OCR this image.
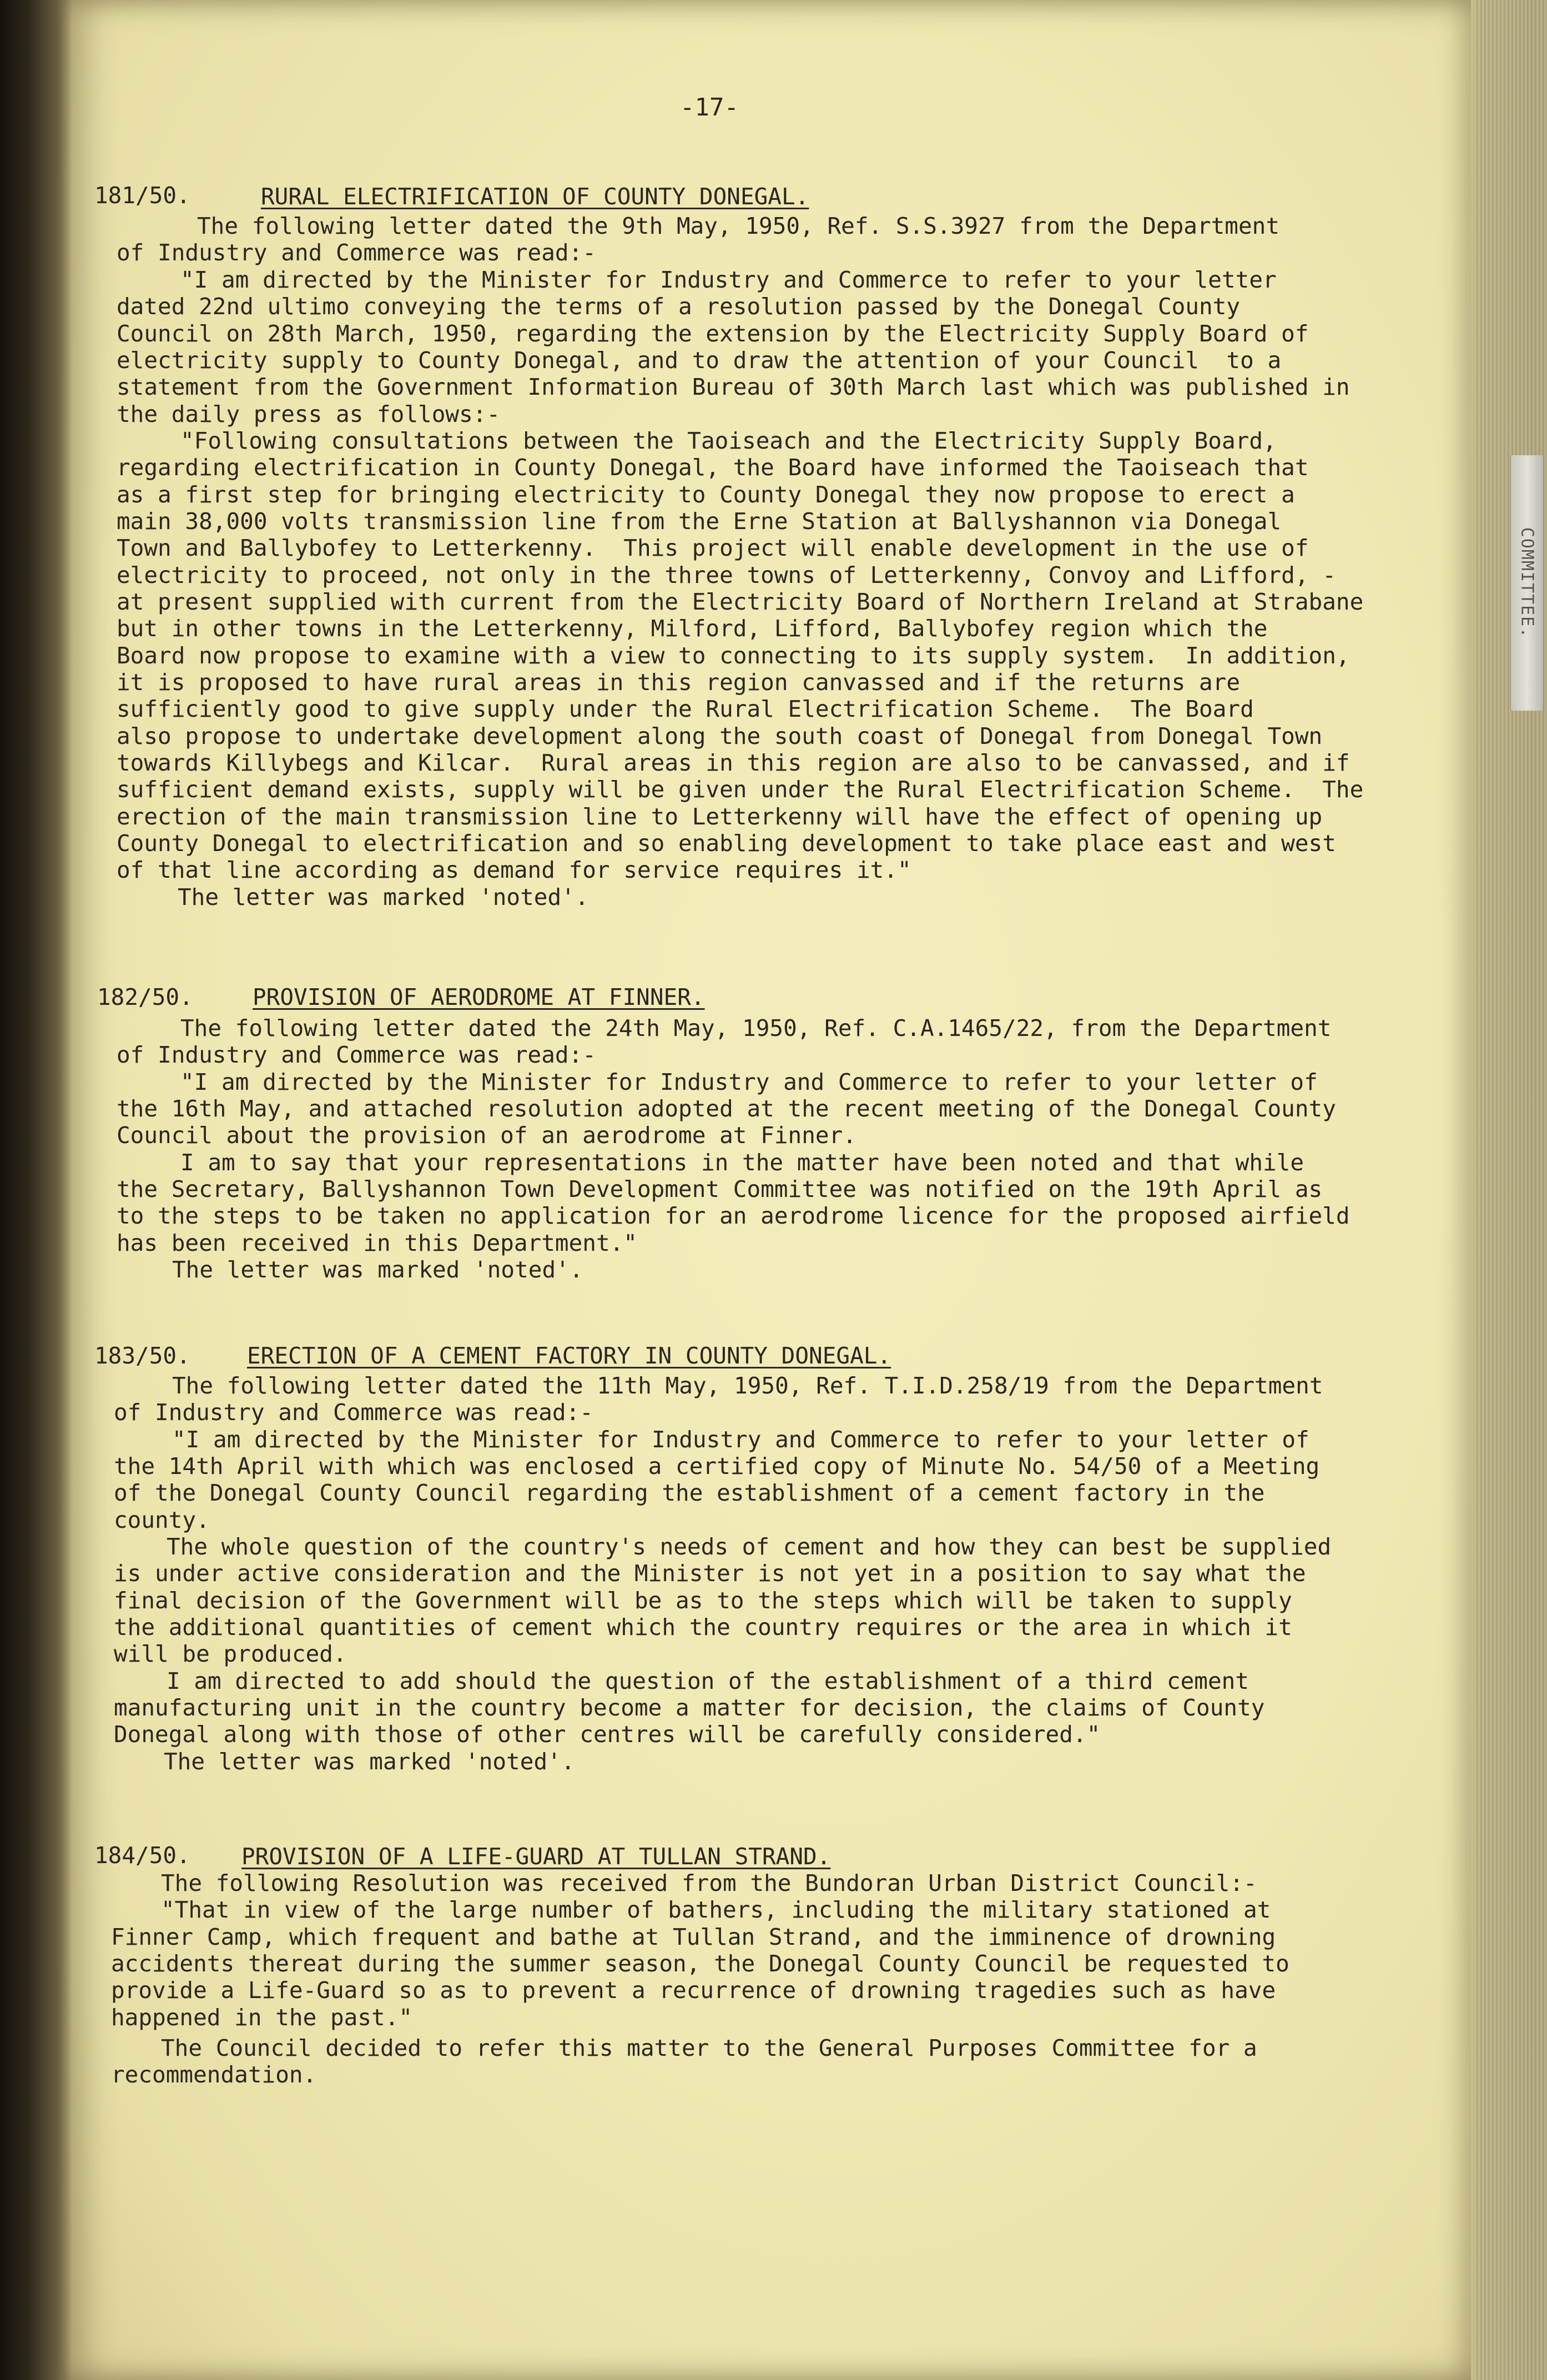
COMMITTEE.
-17-
181/50.	RURAL ELECTRIFICATION OF COUNTY DONEGAL.
The following letter dated the 9th May, 1950, Ref. S.S.3927 from the Department
of Industry and Commerce was read:-
"I am directed by the Minister for Industry and Commerce to refer to your letter
dated 22nd ultimo conveying the terms of a resolution passed by the Donegal County
Council on 28th March, 1950, regarding the extension by the Electricity Supply Board of
electricity supply to County Donegal, and to draw the attention of your Council  to a
statement from the Government Information Bureau of 30th March last which was published in
the daily press as follows:-
"Following consultations between the Taoiseach and the Electricity Supply Board,
regarding electrification in County Donegal, the Board have informed the Taoiseach that
as a first step for bringing electricity to County Donegal they now propose to erect a
main 38,000 volts transmission line from the Erne Station at Ballyshannon via Donegal
Town and Ballybofey to Letterkenny.  This project will enable development in the use of
electricity to proceed, not only in the three towns of Letterkenny, Convoy and Lifford, -
at present supplied with current from the Electricity Board of Northern Ireland at Strabane
but in other towns in the Letterkenny, Milford, Lifford, Ballybofey region which the
Board now propose to examine with a view to connecting to its supply system.  In addition,
it is proposed to have rural areas in this region canvassed and if the returns are
sufficiently good to give supply under the Rural Electrification Scheme.  The Board
also propose to undertake development along the south coast of Donegal from Donegal Town
towards Killybegs and Kilcar.  Rural areas in this region are also to be canvassed, and if
sufficient demand exists, supply will be given under the Rural Electrification Scheme.  The
erection of the main transmission line to Letterkenny will have the effect of opening up
County Donegal to electrification and so enabling development to take place east and west
of that line according as demand for service requires it."
The letter was marked 'noted'.
182/50.	PROVISION OF AERODROME AT FINNER.
The following letter dated the 24th May, 1950, Ref. C.A.1465/22, from the Department
of Industry and Commerce was read:-
"I am directed by the Minister for Industry and Commerce to refer to your letter of
the 16th May, and attached resolution adopted at the recent meeting of the Donegal County
Council about the provision of an aerodrome at Finner.
I am to say that your representations in the matter have been noted and that while
the Secretary, Ballyshannon Town Development Committee was notified on the 19th April as
to the steps to be taken no application for an aerodrome licence for the proposed airfield
has been received in this Department."
The letter was marked 'noted'.
183/50. ERECTION OF A CEMENT FACTORY IN COUNTY DONEGAL.
The following letter dated the 11th May, 1950, Ref. T.I.D.258/19 from the Department
of Industry and Commerce was read:-
"I am directed by the Minister for Industry and Commerce to refer to your letter of
the 14th April with which was enclosed a certified copy of Minute No. 54/50 of a Meeting
of the Donegal County Council regarding the establishment of a cement factory in the
county.
The whole question of the country's needs of cement and how they can best be supplied
is under active consideration and the Minister is not yet in a position to say what the
final decision of the Government will be as to the steps which will be taken to supply
the additional quantities of cement which the country requires or the area in which it
will be produced.
I am directed to add should the question of the establishment of a third cement
manufacturing unit in the country become a matter for decision, the claims of County
Donegal along with those of other centres will be carefully considered."
The letter was marked 'noted'.
184/50. PROVISION OF A LIFE-GUARD AT TULLAN STRAND.
The following Resolution was received from the Bundoran Urban District Council:-
"That in view of the large number of bathers, including the military stationed at
Finner Camp, which frequent and bathe at Tullan Strand, and the imminence of drowning
accidents thereat during the summer season, the Donegal County Council be requested to
provide a Life-Guard so as to prevent a recurrence of drowning tragedies such as have
happened in the past."
The Council decided to refer this matter to the General Purposes Committee for a
recommendation.
